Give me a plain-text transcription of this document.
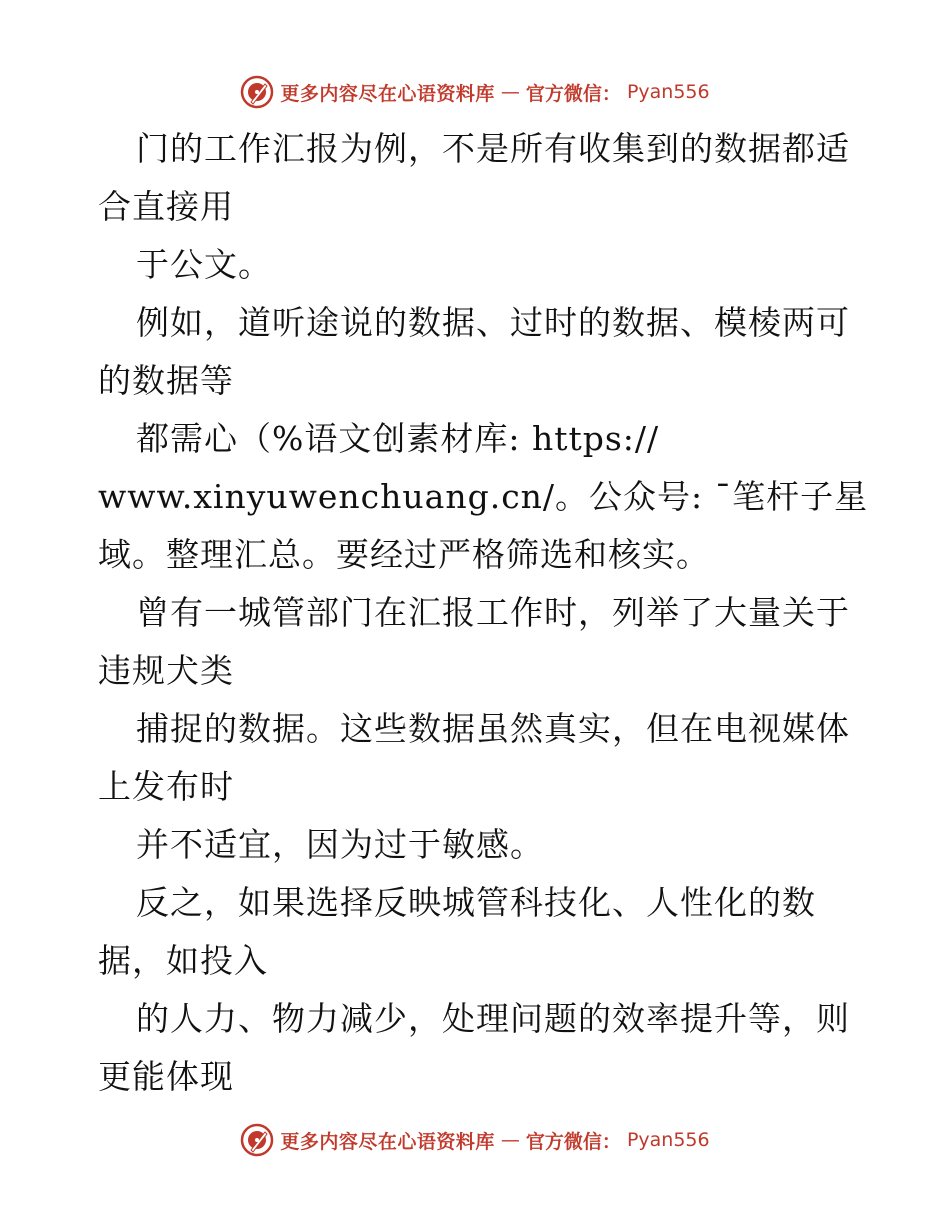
更多内容尽在心语资料库 — 官方微信： Pyan556
门的工作汇报为例，不是所有收集到的数据都适
合直接用
于公文。
例如，道听途说的数据、过时的数据、模棱两可
的数据等
都需心（%语文创素材库: https://
www.xinyuwenchuang.cn/。公众号: ¯笔杆子星
域。整理汇总。要经过严格筛选和核实。
曾有一城管部门在汇报工作时，列举了大量关于
违规犬类
捕捉的数据。这些数据虽然真实，但在电视媒体
上发布时
并不适宜，因为过于敏感。
反之，如果选择反映城管科技化、人性化的数
据，如投入
的人力、物力减少，处理问题的效率提升等，则
更能体现
更多内容尽在心语资料库 — 官方微信： Pyan556
